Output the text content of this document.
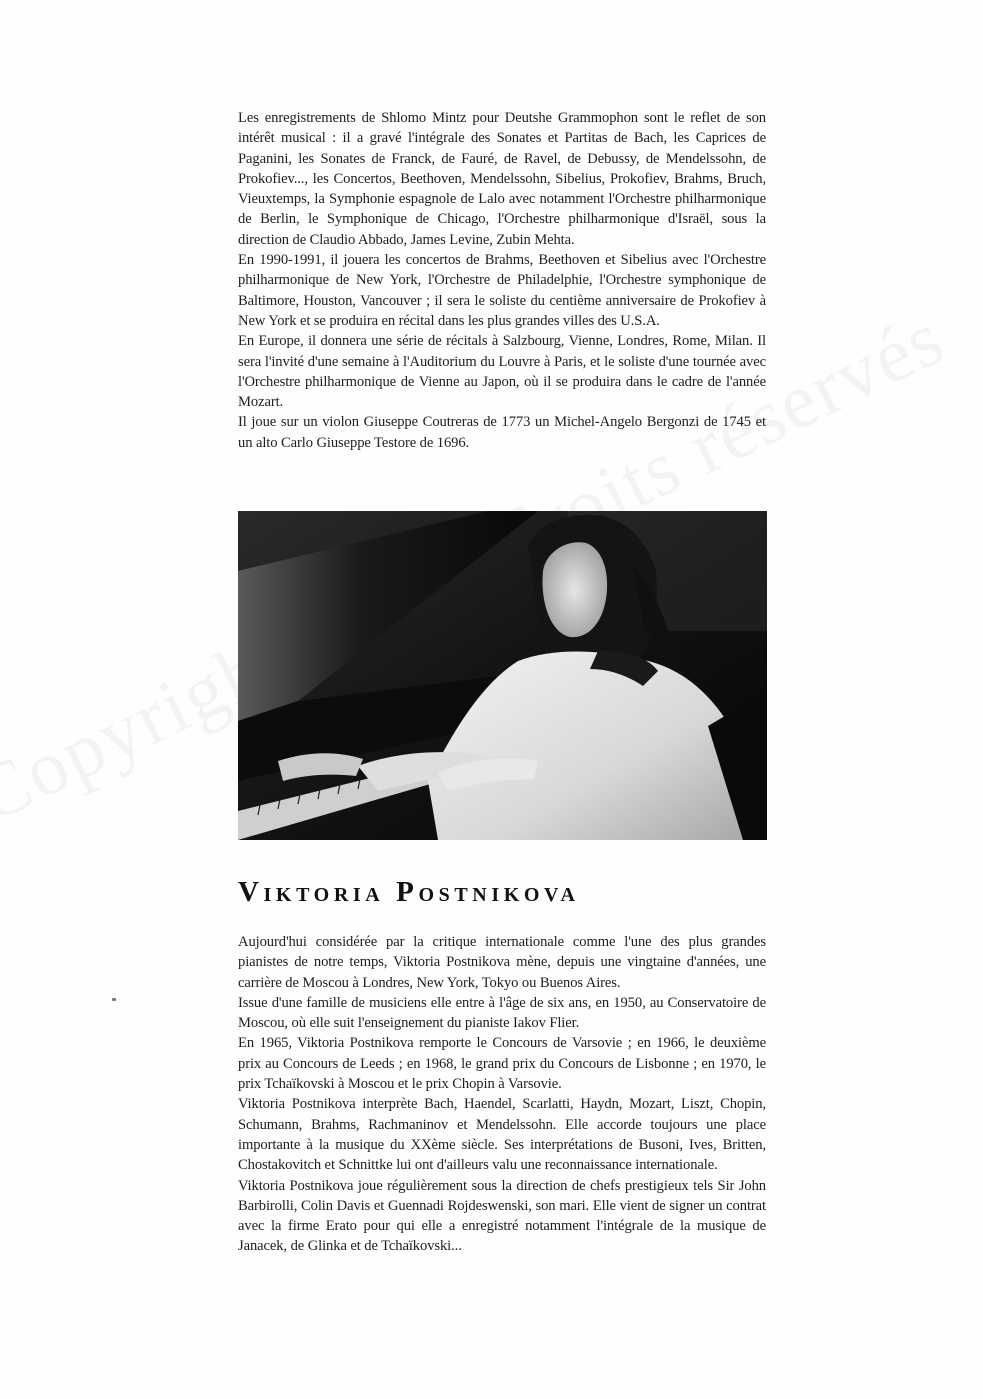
Les enregistrements de Shlomo Mintz pour Deutshe Grammophon sont le reflet de son intérêt musical : il a gravé l'intégrale des Sonates et Partitas de Bach, les Caprices de Paganini, les Sonates de Franck, de Fauré, de Ravel, de Debussy, de Mendelssohn, de Prokofiev..., les Concertos, Beethoven, Mendelssohn, Sibelius, Prokofiev, Brahms, Bruch, Vieuxtemps, la Symphonie espagnole de Lalo avec notamment l'Orchestre philharmonique de Berlin, le Symphonique de Chicago, l'Orchestre philharmonique d'Israël, sous la direction de Claudio Abbado, James Levine, Zubin Mehta.

En 1990-1991, il jouera les concertos de Brahms, Beethoven et Sibelius avec l'Orchestre philharmonique de New York, l'Orchestre de Philadelphie, l'Orchestre symphonique de Baltimore, Houston, Vancouver ; il sera le soliste du centième anniversaire de Prokofiev à New York et se produira en récital dans les plus grandes villes des U.S.A.

En Europe, il donnera une série de récitals à Salzbourg, Vienne, Londres, Rome, Milan. Il sera l'invité d'une semaine à l'Auditorium du Louvre à Paris, et le soliste d'une tournée avec l'Orchestre philharmonique de Vienne au Japon, où il se produira dans le cadre de l'année Mozart.

Il joue sur un violon Giuseppe Coutreras de 1773 un Michel-Angelo Bergonzi de 1745 et un alto Carlo Giuseppe Testore de 1696.

Viktoria Postnikova

Aujourd'hui considérée par la critique internationale comme l'une des plus grandes pianistes de notre temps, Viktoria Postnikova mène, depuis une vingtaine d'années, une carrière de Moscou à Londres, New York, Tokyo ou Buenos Aires.

Issue d'une famille de musiciens elle entre à l'âge de six ans, en 1950, au Conservatoire de Moscou, où elle suit l'enseignement du pianiste Iakov Flier.

En 1965, Viktoria Postnikova remporte le Concours de Varsovie ; en 1966, le deuxième prix au Concours de Leeds ; en 1968, le grand prix du Concours de Lisbonne ; en 1970, le prix Tchaïkovski à Moscou et le prix Chopin à Varsovie.

Viktoria Postnikova interprète Bach, Haendel, Scarlatti, Haydn, Mozart, Liszt, Chopin, Schumann, Brahms, Rachmaninov et Mendelssohn. Elle accorde toujours une place importante à la musique du XXème siècle. Ses interprétations de Busoni, Ives, Britten, Chostakovitch et Schnittke lui ont d'ailleurs valu une reconnaissance internationale.

Viktoria Postnikova joue régulièrement sous la direction de chefs prestigieux tels Sir John Barbirolli, Colin Davis et Guennadi Rojdeswenski, son mari. Elle vient de signer un contrat avec la firme Erato pour qui elle a enregistré notamment l'intégrale de la musique de Janacek, de Glinka et de Tchaïkovski...
